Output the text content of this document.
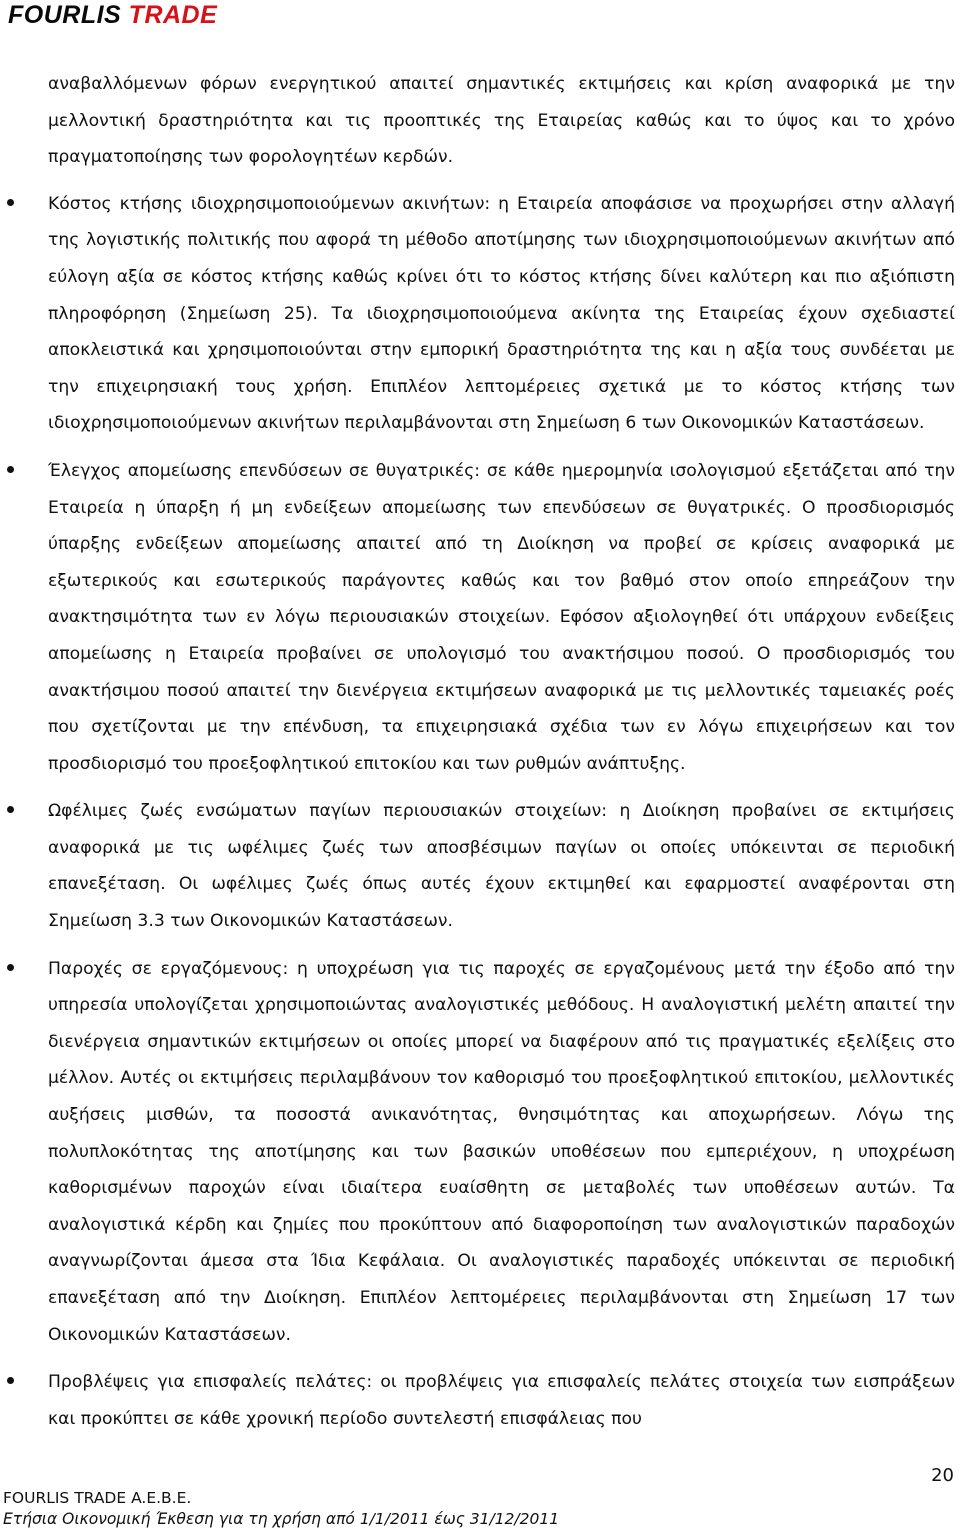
FOURLIS TRADE

αναβαλλόμενων φόρων ενεργητικού απαιτεί σημαντικές εκτιμήσεις και κρίση αναφορικά με την μελλοντική δραστηριότητα και τις προοπτικές της Εταιρείας καθώς και το ύψος και το χρόνο πραγματοποίησης των φορολογητέων κερδών.

Κόστος κτήσης ιδιοχρησιμοποιούμενων ακινήτων: η Εταιρεία αποφάσισε να προχωρήσει στην αλλαγή της λογιστικής πολιτικής που αφορά τη μέθοδο αποτίμησης των ιδιοχρησιμοποιούμενων ακινήτων από εύλογη αξία σε κόστος κτήσης καθώς κρίνει ότι το κόστος κτήσης δίνει καλύτερη και πιο αξιόπιστη πληροφόρηση (Σημείωση 25). Τα ιδιοχρησιμοποιούμενα ακίνητα της Εταιρείας έχουν σχεδιαστεί αποκλειστικά και χρησιμοποιούνται στην εμπορική δραστηριότητα της και η αξία τους συνδέεται με την επιχειρησιακή τους χρήση. Επιπλέον λεπτομέρειες σχετικά με το κόστος κτήσης των ιδιοχρησιμοποιούμενων ακινήτων περιλαμβάνονται στη Σημείωση 6 των Οικονομικών Καταστάσεων.

Έλεγχος απομείωσης επενδύσεων σε θυγατρικές: σε κάθε ημερομηνία ισολογισμού εξετάζεται από την Εταιρεία η ύπαρξη ή μη ενδείξεων απομείωσης των επενδύσεων σε θυγατρικές. Ο προσδιορισμός ύπαρξης ενδείξεων απομείωσης απαιτεί από τη Διοίκηση να προβεί σε κρίσεις αναφορικά με εξωτερικούς και εσωτερικούς παράγοντες καθώς και τον βαθμό στον οποίο επηρεάζουν την ανακτησιμότητα των εν λόγω περιουσιακών στοιχείων. Εφόσον αξιολογηθεί ότι υπάρχουν ενδείξεις απομείωσης η Εταιρεία προβαίνει σε υπολογισμό του ανακτήσιμου ποσού. Ο προσδιορισμός του ανακτήσιμου ποσού απαιτεί την διενέργεια εκτιμήσεων αναφορικά με τις μελλοντικές ταμειακές ροές που σχετίζονται με την επένδυση, τα επιχειρησιακά σχέδια των εν λόγω επιχειρήσεων και τον προσδιορισμό του προεξοφλητικού επιτοκίου και των ρυθμών ανάπτυξης.

Ωφέλιμες ζωές ενσώματων παγίων περιουσιακών στοιχείων: η Διοίκηση προβαίνει σε εκτιμήσεις αναφορικά με τις ωφέλιμες ζωές των αποσβέσιμων παγίων οι οποίες υπόκεινται σε περιοδική επανεξέταση. Οι ωφέλιμες ζωές όπως αυτές έχουν εκτιμηθεί και εφαρμοστεί αναφέρονται στη Σημείωση 3.3 των Οικονομικών Καταστάσεων.

Παροχές σε εργαζόμενους: η υποχρέωση για τις παροχές σε εργαζομένους μετά την έξοδο από την υπηρεσία υπολογίζεται χρησιμοποιώντας αναλογιστικές μεθόδους. Η αναλογιστική μελέτη απαιτεί την διενέργεια σημαντικών εκτιμήσεων οι οποίες μπορεί να διαφέρουν από τις πραγματικές εξελίξεις στο μέλλον. Αυτές οι εκτιμήσεις περιλαμβάνουν τον καθορισμό του προεξοφλητικού επιτοκίου, μελλοντικές αυξήσεις μισθών, τα ποσοστά ανικανότητας, θνησιμότητας και αποχωρήσεων. Λόγω της πολυπλοκότητας της αποτίμησης και των βασικών υποθέσεων που εμπεριέχουν, η υποχρέωση καθορισμένων παροχών είναι ιδιαίτερα ευαίσθητη σε μεταβολές των υποθέσεων αυτών. Τα αναλογιστικά κέρδη και ζημίες που προκύπτουν από διαφοροποίηση των αναλογιστικών παραδοχών αναγνωρίζονται άμεσα στα Ίδια Κεφάλαια. Οι αναλογιστικές παραδοχές υπόκεινται σε περιοδική επανεξέταση από την Διοίκηση. Επιπλέον λεπτομέρειες περιλαμβάνονται στη Σημείωση 17 των Οικονομικών Καταστάσεων.

Προβλέψεις για επισφαλείς πελάτες: οι προβλέψεις για επισφαλείς πελάτες στοιχεία των εισπράξεων και προκύπτει σε κάθε χρονική περίοδο συντελεστή επισφάλειας που

20
FOURLIS TRADE A.E.B.E.
Ετήσια Οικονομική Έκθεση για τη χρήση από 1/1/2011 έως 31/12/2011
